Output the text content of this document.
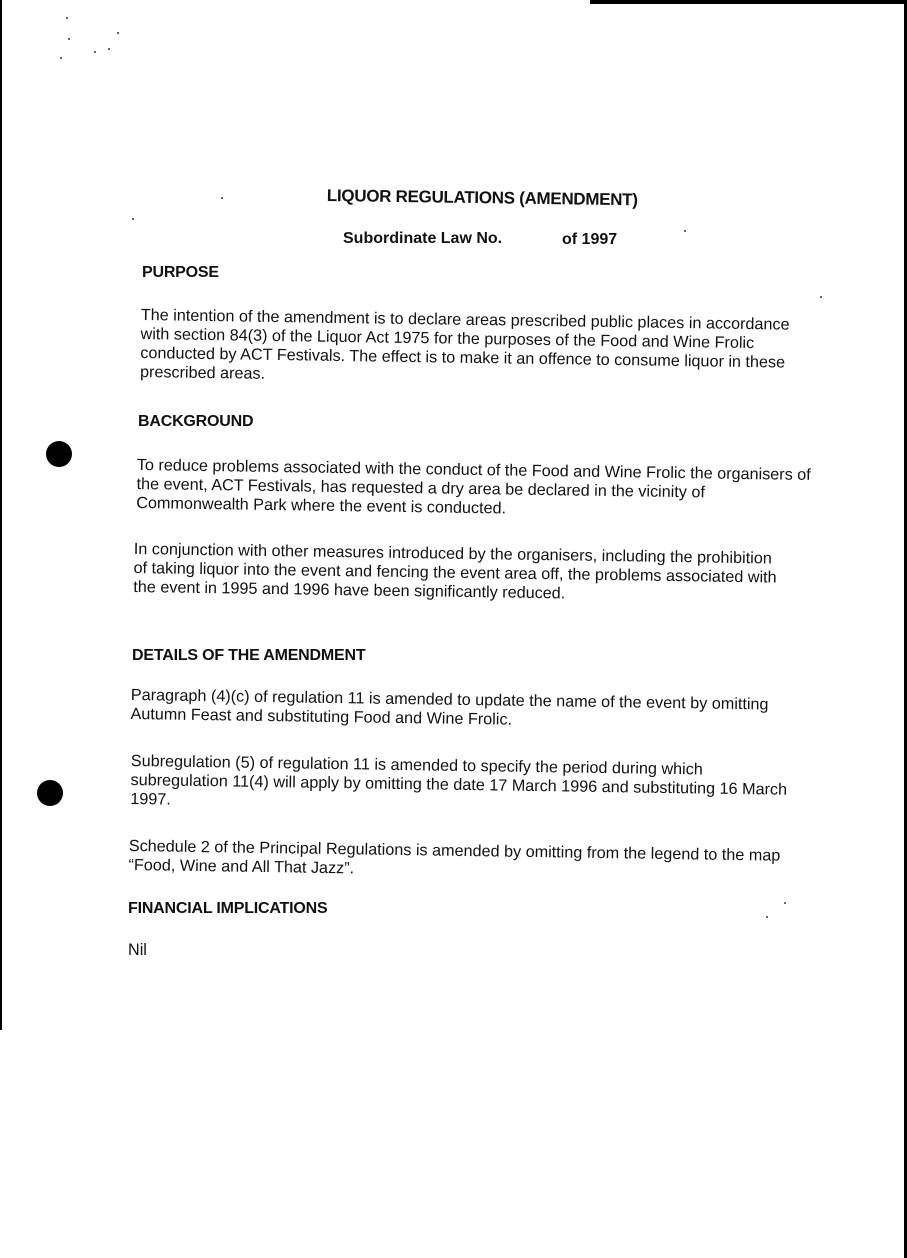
LIQUOR REGULATIONS (AMENDMENT)
Subordinate Law No.	of 1997
PURPOSE

The intention of the amendment is to declare areas prescribed public places in accordance with section 84(3) of the Liquor Act 1975 for the purposes of the Food and Wine Frolic conducted by ACT Festivals. The effect is to make it an offence to consume liquor in these prescribed areas.

BACKGROUND

To reduce problems associated with the conduct of the Food and Wine Frolic the organisers of the event, ACT Festivals, has requested a dry area be declared in the vicinity of Commonwealth Park where the event is conducted.

In conjunction with other measures introduced by the organisers, including the prohibition of taking liquor into the event and fencing the event area off, the problems associated with the event in 1995 and 1996 have been significantly reduced.

DETAILS OF THE AMENDMENT

Paragraph (4)(c) of regulation 11 is amended to update the name of the event by omitting Autumn Feast and substituting Food and Wine Frolic.

Subregulation (5) of regulation 11 is amended to specify the period during which subregulation 11(4) will apply by omitting the date 17 March 1996 and substituting 16 March 1997.

Schedule 2 of the Principal Regulations is amended by omitting from the legend to the map “Food, Wine and All That Jazz”.

FINANCIAL IMPLICATIONS

Nil
